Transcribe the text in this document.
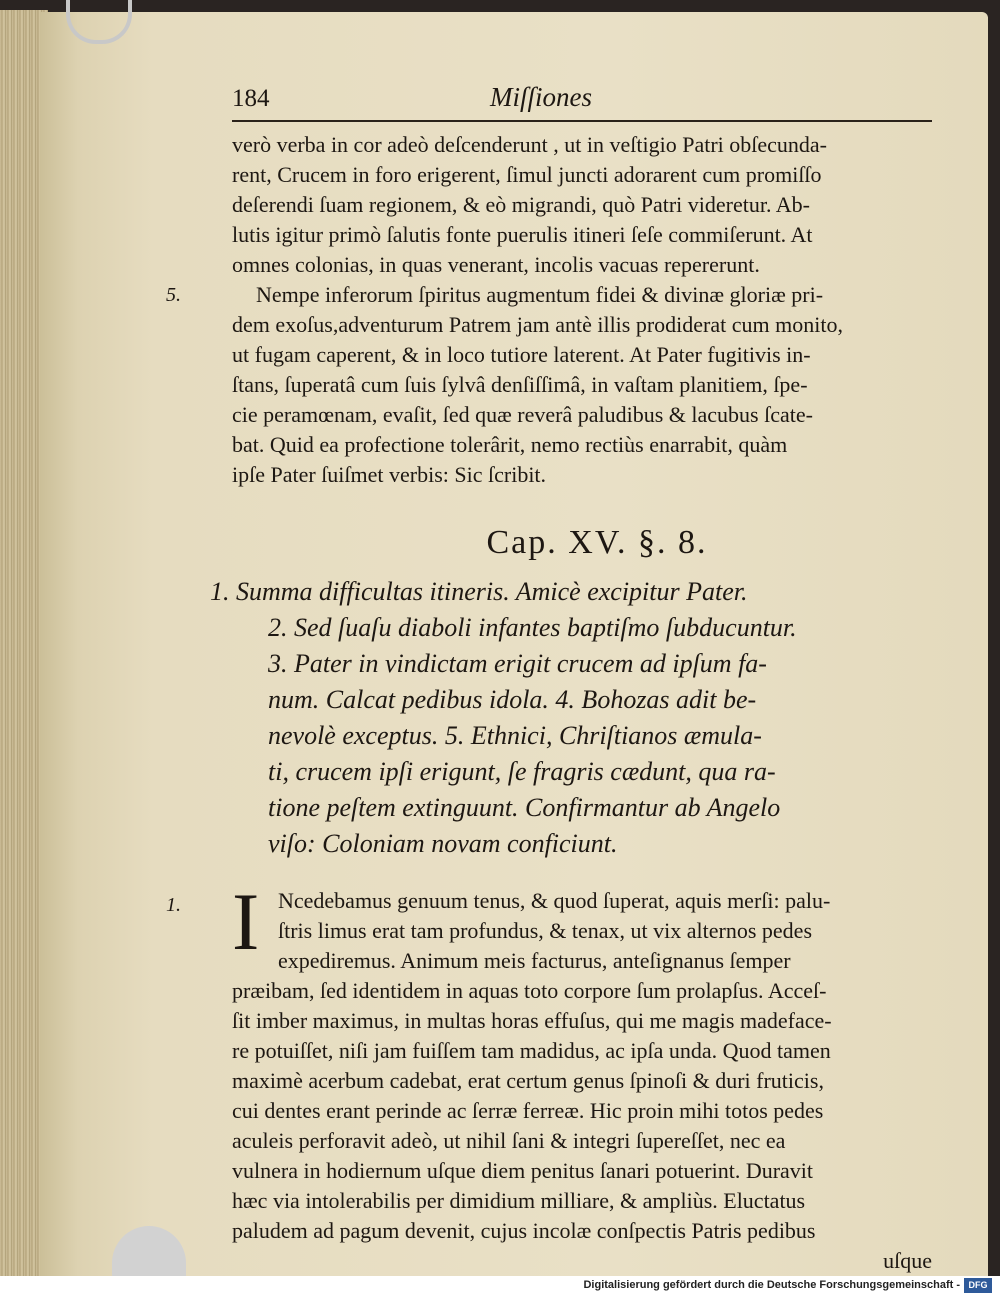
184	Miſſiones
verò verba in cor adeò deſcenderunt , ut in veſtigio Patri obſecunda-
rent, Crucem in foro erigerent, ſimul juncti adorarent cum promiſſo
deſerendi ſuam regionem, & eò migrandi, quò Patri videretur. Ab-
lutis igitur primò ſalutis fonte puerulis itineri ſeſe commiſerunt. At
omnes colonias, in quas venerant, incolis vacuas repererunt.
5.	Nempe inferorum ſpiritus augmentum fidei & divinæ gloriæ pri-
dem exoſus,adventurum Patrem jam antè illis prodiderat cum monito,
ut fugam caperent, & in loco tutiore laterent. At Pater fugitivis in-
ſtans, ſuperatâ cum ſuis ſylvâ denſiſſimâ, in vaſtam planitiem, ſpe-
cie peramœnam, evaſit, ſed quæ reverâ paludibus & lacubus ſcate-
bat. Quid ea profectione tolerârit, nemo rectiùs enarrabit, quàm
ipſe Pater ſuiſmet verbis: Sic ſcribit.
Cap. XV. §. 8.
1. Summa difficultas itineris. Amicè excipitur Pater.
2. Sed ſuaſu diaboli infantes baptiſmo ſubducuntur.
3. Pater in vindictam erigit crucem ad ipſum fa-
num. Calcat pedibus idola. 4. Bohozas adit be-
nevolè exceptus. 5. Ethnici, Chriſtianos æmula-
ti, crucem ipſi erigunt, ſe fragris cædunt, qua ra-
tione peſtem extinguunt. Confirmantur ab Angelo
viſo: Coloniam novam conficiunt.
1. I Ncedebamus genuum tenus, & quod ſuperat, aquis merſi: palu-
ſtris limus erat tam profundus, & tenax, ut vix alternos pedes
expediremus. Animum meis facturus, anteſignanus ſemper
præibam, ſed identidem in aquas toto corpore ſum prolapſus. Acceſ-
ſit imber maximus, in multas horas effuſus, qui me magis madeface-
re potuiſſet, niſi jam fuiſſem tam madidus, ac ipſa unda. Quod tamen
maximè acerbum cadebat, erat certum genus ſpinoſi & duri fruticis,
cui dentes erant perinde ac ſerræ ferreæ. Hic proin mihi totos pedes
aculeis perforavit adeò, ut nihil ſani & integri ſupereſſet, nec ea
vulnera in hodiernum uſque diem penitus ſanari potuerint. Duravit
hæc via intolerabilis per dimidium milliare, & ampliùs. Eluctatus
paludem ad pagum devenit, cujus incolæ conſpectis Patris pedibus
uſque
Digitalisierung gefördert durch die Deutsche Forschungsgemeinschaft - DFG
